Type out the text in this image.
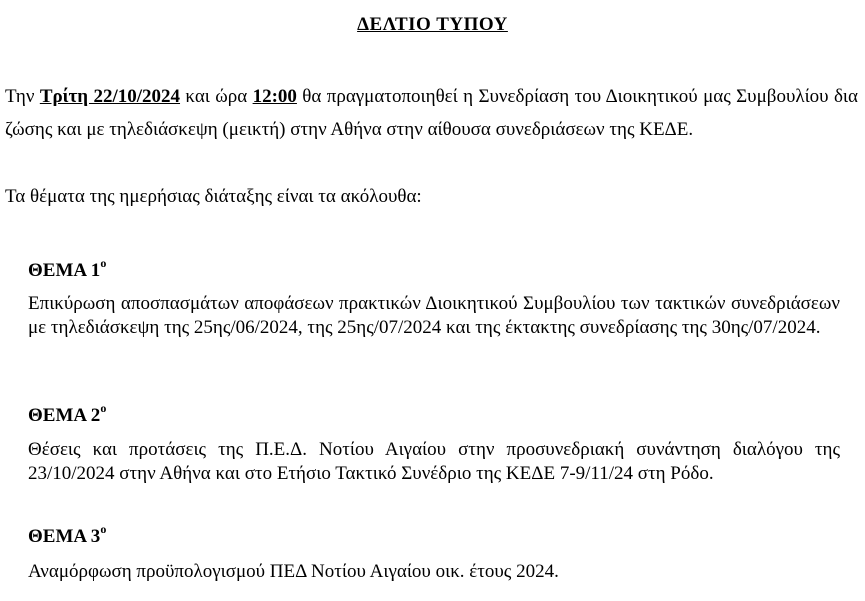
ΔΕΛΤΙΟ ΤΥΠΟΥ
Την Τρίτη 22/10/2024 και ώρα 12:00 θα πραγματοποιηθεί η Συνεδρίαση του Διοικητικού μας Συμβουλίου δια ζώσης και με τηλεδιάσκεψη (μεικτή) στην Αθήνα στην αίθουσα συνεδριάσεων της ΚΕΔΕ.
Τα θέματα της ημερήσιας διάταξης είναι τα ακόλουθα:
ΘΕΜΑ $1^o$
Επικύρωση αποσπασμάτων αποφάσεων πρακτικών Διοικητικού Συμβουλίου των τακτικών συνεδριάσεων με τηλεδιάσκεψη της 25ης/06/2024, της 25ης/07/2024 και της έκτακτης συνεδρίασης της 30ης/07/2024.
ΘΕΜΑ $2^o$
Θέσεις και προτάσεις της Π.Ε.Δ. Νοτίου Αιγαίου στην προσυνεδριακή συνάντηση διαλόγου της 23/10/2024 στην Αθήνα και στο Ετήσιο Τακτικό Συνέδριο της ΚΕΔΕ 7-9/11/24 στη Ρόδο.
ΘΕΜΑ $3^o$
Αναμόρφωση προϋπολογισμού ΠΕΔ Νοτίου Αιγαίου οικ. έτους 2024.
